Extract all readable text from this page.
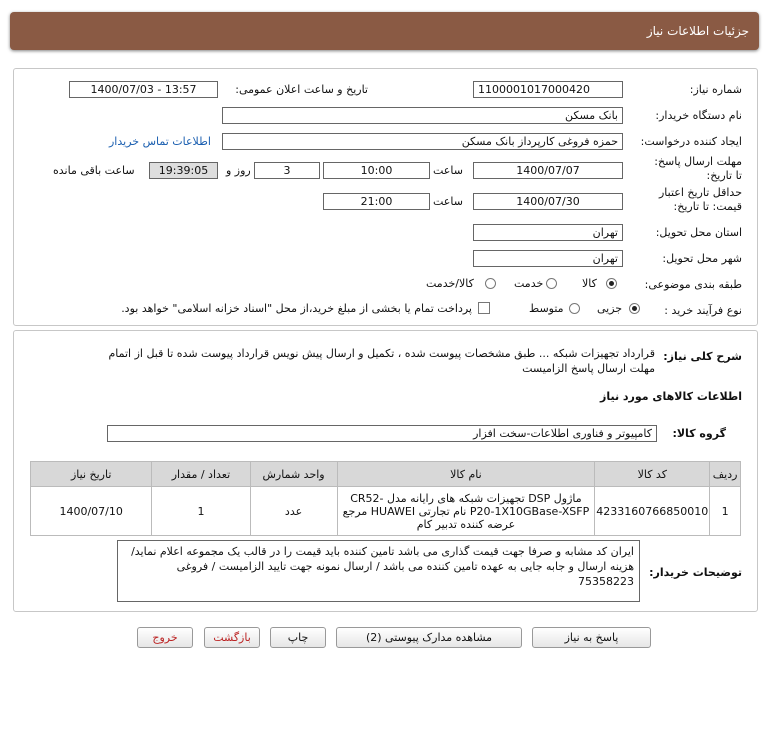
جزئیات اطلاعات نیاز
شماره نیاز:
1100001017000420
تاریخ و ساعت اعلان عمومی:
1400/07/03 - 13:57
نام دستگاه خریدار:
بانک مسکن
ایجاد کننده درخواست:
حمزه فروغی کارپرداز بانک مسکن
اطلاعات تماس خریدار
مهلت ارسال پاسخ: تا تاریخ:
1400/07/07
ساعت
10:00
روز و	3
19:39:05
ساعت باقی مانده
حداقل تاریخ اعتبار قیمت: تا تاریخ:
1400/07/30
ساعت
21:00
استان محل تحویل:
تهران
شهر محل تحویل:
تهران
طبقه بندی موضوعی:
کالا
خدمت
کالا/خدمت
نوع فرآیند خرید :
جزیی
متوسط
پرداخت تمام یا بخشی از مبلغ خرید،از محل "اسناد خزانه اسلامی" خواهد بود.
شرح کلی نیاز:
قرارداد تجهیزات شبکه ... طبق مشخصات پیوست شده ، تکمیل و ارسال پیش نویس قرارداد پیوست شده تا قبل از اتمام مهلت ارسال پاسخ الزامیست
اطلاعات کالاهای مورد نیاز
گروه کالا:
کامپیوتر و فناوری اطلاعات-سخت افزار
ردیف	کد کالا	نام کالا	واحد شمارش	تعداد / مقدار	تاریخ نیاز
1	4233160766850010	ماژول DSP تجهیزات شبکه های رایانه مدل CR52-P20-1X10GBase-XSFP نام تجارتی HUAWEI مرجع عرضه کننده تدبیر کام	عدد	1	1400/07/10
توضیحات خریدار:
ایران کد مشابه و صرفا جهت قیمت گذاری می باشد تامین کننده باید قیمت را در قالب یک مجموعه اعلام نماید/ هزینه ارسال و جابه جایی به عهده تامین کننده می باشد / ارسال نمونه جهت تایید الزامیست / فروغی 75358223
پاسخ به نیاز
مشاهده مدارک پیوستی (2)
چاپ
بازگشت
خروج
